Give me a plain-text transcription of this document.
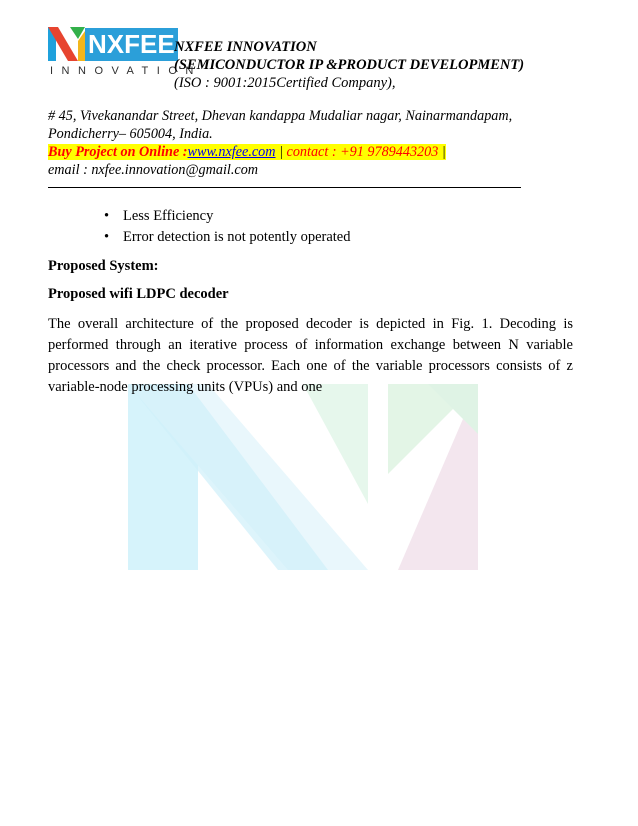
NXFEE
INNOVATION
NXFEE INNOVATION
(SEMICONDUCTOR IP &PRODUCT DEVELOPMENT)
(ISO : 9001:2015Certified Company),
# 45, Vivekanandar Street, Dhevan kandappa Mudaliar nagar, Nainarmandapam,
Pondicherry– 605004, India.
Buy Project on Online :www.nxfee.com | contact : +91 9789443203 |
email : nxfee.innovation@gmail.com
• Less Efficiency
• Error detection is not potently operated
Proposed System:
Proposed wifi LDPC decoder
The overall architecture of the proposed decoder is depicted in Fig. 1. Decoding is performed through an iterative process of information exchange between N variable processors and the check processor. Each one of the variable processors consists of z variable-node processing units (VPUs) and one
